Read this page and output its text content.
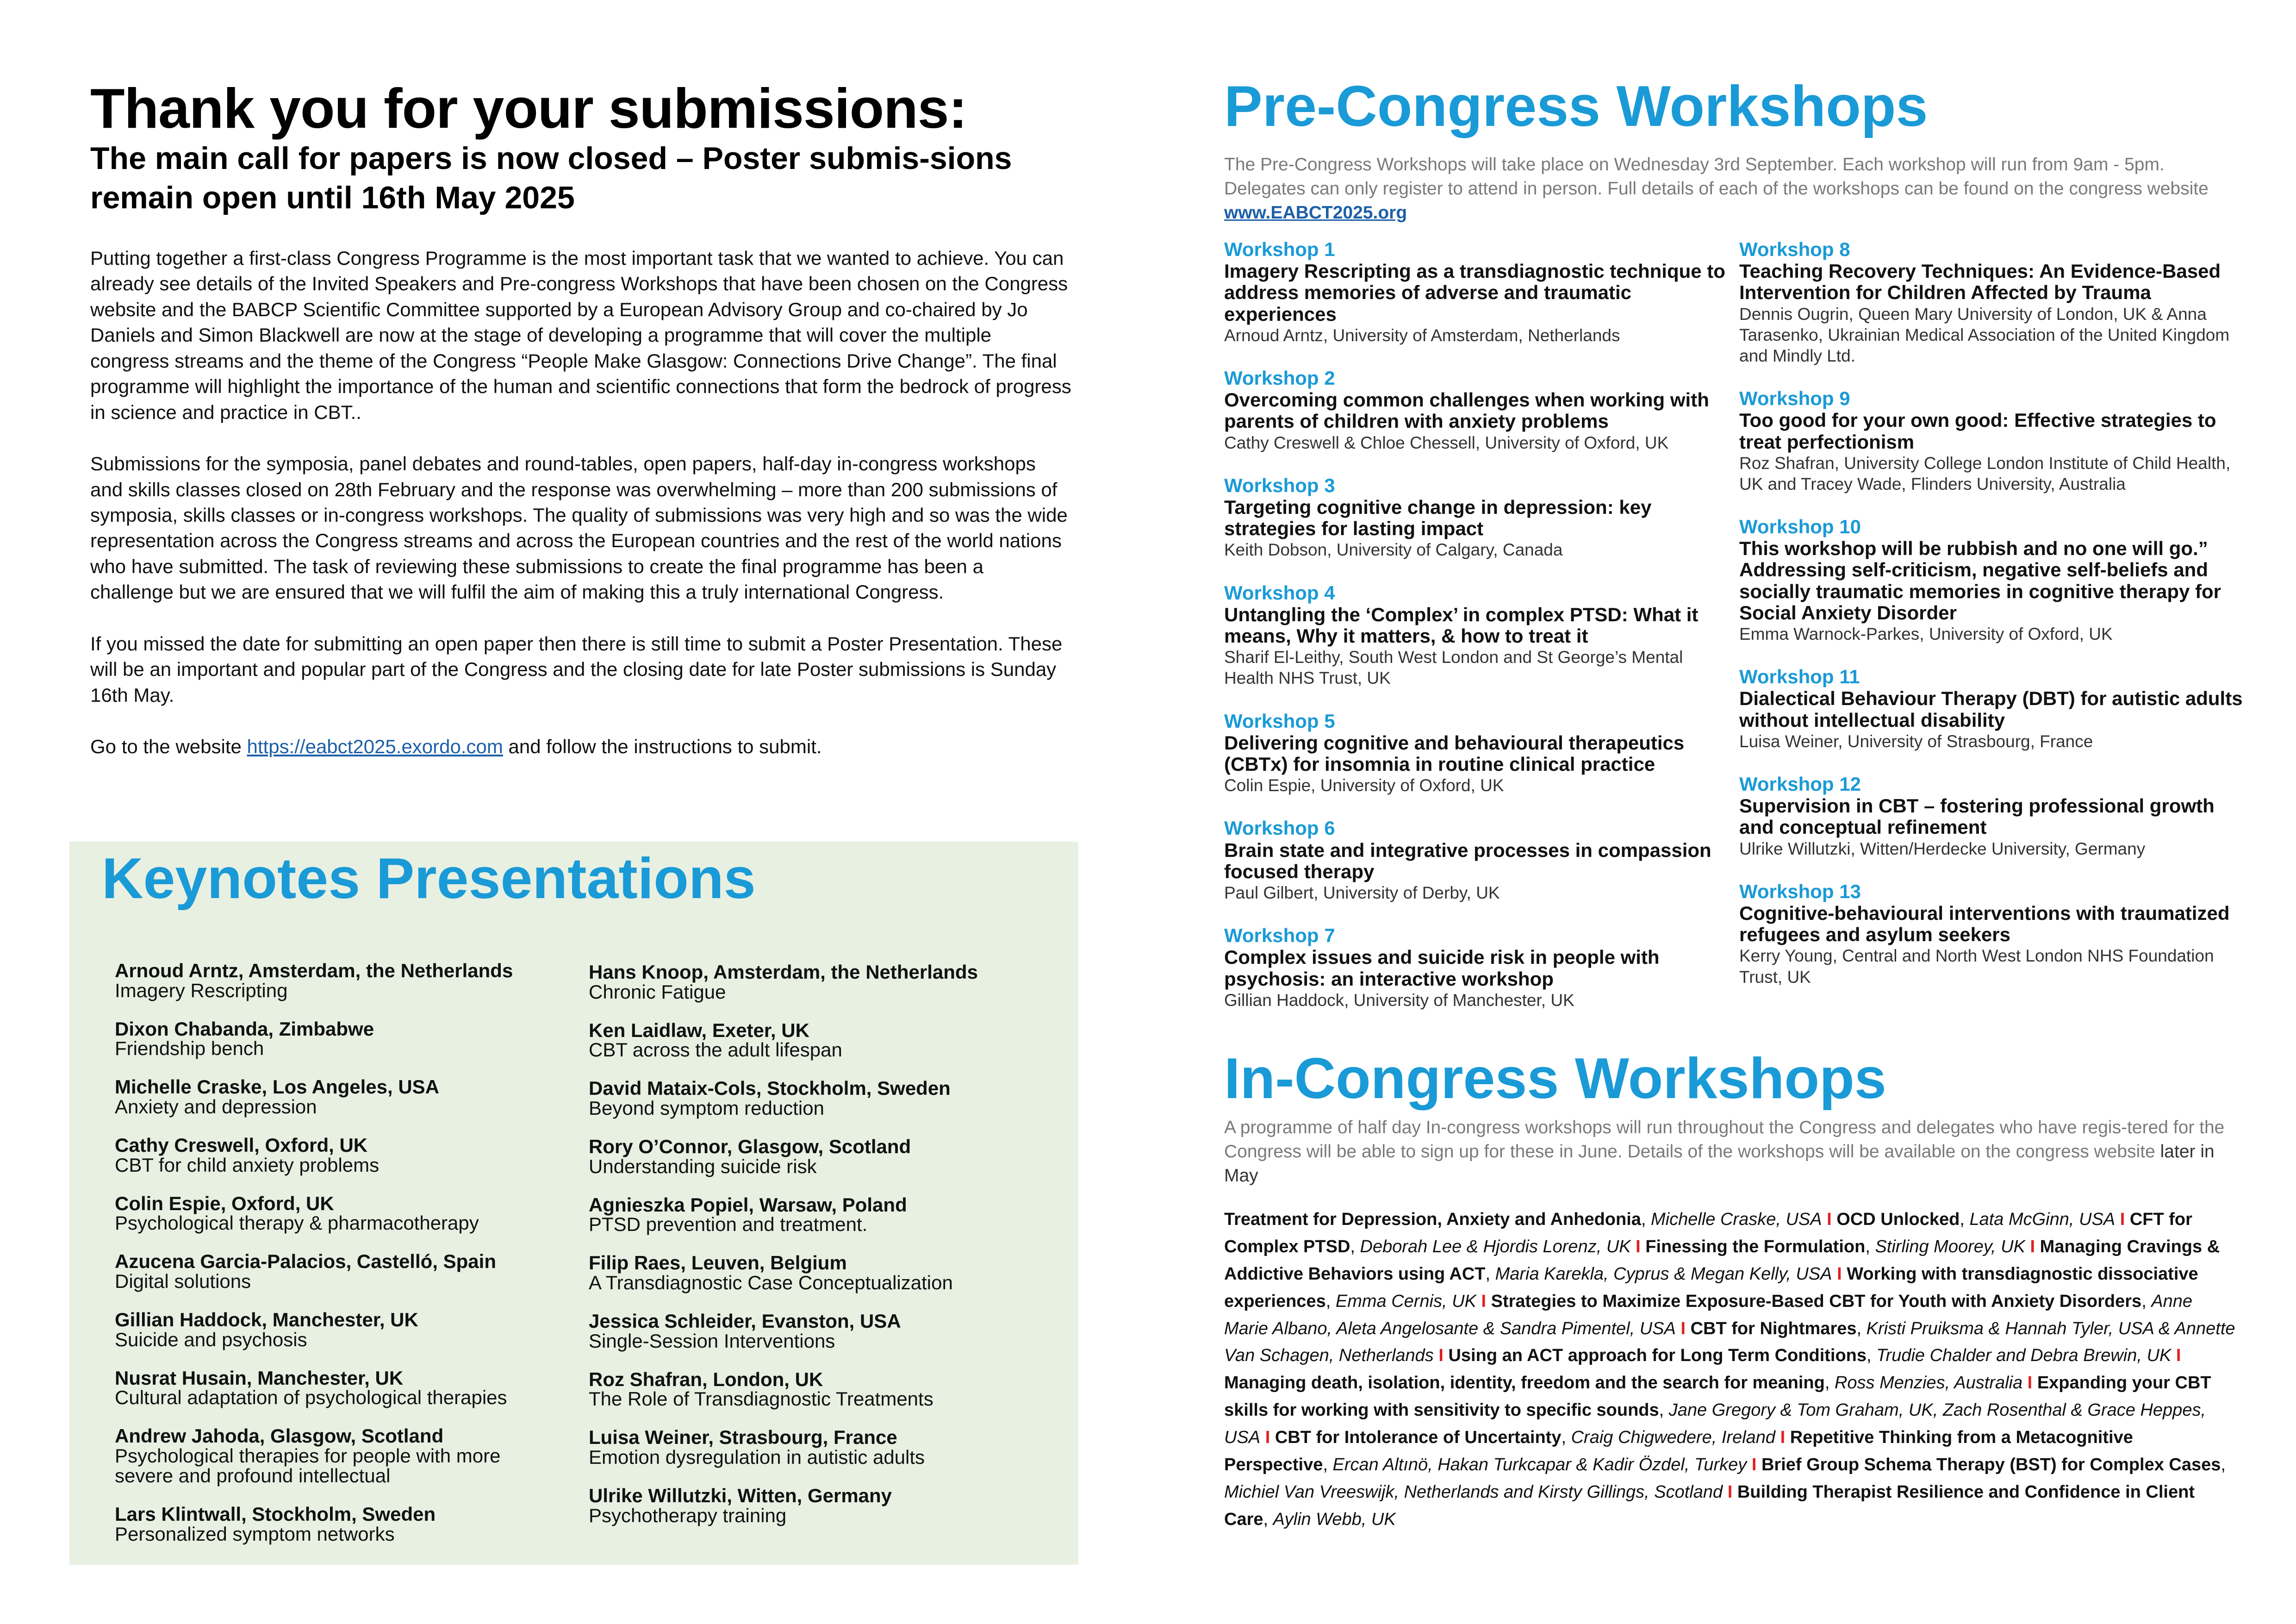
Thank you for your submissions:
The main call for papers is now closed – Poster submis-sions remain open until 16th May 2025

Putting together a first-class Congress Programme is the most important task that we wanted to achieve. You can already see details of the Invited Speakers and Pre-congress Workshops that have been chosen on the Congress website and the BABCP Scientific Committee supported by a European Advisory Group and co-chaired by Jo Daniels and Simon Blackwell are now at the stage of developing a programme that will cover the multiple congress streams and the theme of the Congress “People Make Glasgow: Connections Drive Change”. The final programme will highlight the importance of the human and scientific connections that form the bedrock of progress in science and practice in CBT..

Submissions for the symposia, panel debates and round-tables, open papers, half-day in-congress workshops and skills classes closed on 28th February and the response was overwhelming – more than 200 submissions of symposia, skills classes or in-congress workshops. The quality of submissions was very high and so was the wide representation across the Congress streams and across the European countries and the rest of the world nations who have submitted. The task of reviewing these submissions to create the final programme has been a challenge but we are ensured that we will fulfil the aim of making this a truly international Congress.

If you missed the date for submitting an open paper then there is still time to submit a Poster Presentation. These will be an important and popular part of the Congress and the closing date for late Poster submissions is Sunday 16th May.

Go to the website https://eabct2025.exordo.com and follow the instructions to submit.

Keynotes Presentations
Arnoud Arntz, Amsterdam, the Netherlands
Imagery Rescripting
Dixon Chabanda, Zimbabwe
Friendship bench
Michelle Craske, Los Angeles, USA
Anxiety and depression
Cathy Creswell, Oxford, UK
CBT for child anxiety problems
Colin Espie, Oxford, UK
Psychological therapy & pharmacotherapy
Azucena Garcia-Palacios, Castelló, Spain
Digital solutions
Gillian Haddock, Manchester, UK
Suicide and psychosis
Nusrat Husain, Manchester, UK
Cultural adaptation of psychological therapies
Andrew Jahoda, Glasgow, Scotland
Psychological therapies for people with more severe and profound intellectual
Lars Klintwall, Stockholm, Sweden
Personalized symptom networks
Hans Knoop, Amsterdam, the Netherlands
Chronic Fatigue
Ken Laidlaw, Exeter, UK
CBT across the adult lifespan
David Mataix-Cols, Stockholm, Sweden
Beyond symptom reduction
Rory O’Connor, Glasgow, Scotland
Understanding suicide risk
Agnieszka Popiel, Warsaw, Poland
PTSD prevention and treatment.
Filip Raes, Leuven, Belgium
A Transdiagnostic Case Conceptualization
Jessica Schleider, Evanston, USA
Single-Session Interventions
Roz Shafran, London, UK
The Role of Transdiagnostic Treatments
Luisa Weiner, Strasbourg, France
Emotion dysregulation in autistic adults
Ulrike Willutzki, Witten, Germany
Psychotherapy training
Pre-Congress Workshops
The Pre-Congress Workshops will take place on Wednesday 3rd September. Each workshop will run from 9am - 5pm. Delegates can only register to attend in person. Full details of each of the workshops can be found on the congress website www.EABCT2025.org
Workshop 1
Imagery Rescripting as a transdiagnostic technique to address memories of adverse and traumatic experiences
Arnoud Arntz, University of Amsterdam, Netherlands
Workshop 2
Overcoming common challenges when working with parents of children with anxiety problems
Cathy Creswell & Chloe Chessell, University of Oxford, UK
Workshop 3
Targeting cognitive change in depression: key strategies for lasting impact
Keith Dobson, University of Calgary, Canada
Workshop 4
Untangling the ‘Complex’ in complex PTSD: What it means, Why it matters, & how to treat it
Sharif El-Leithy, South West London and St George’s Mental Health NHS Trust, UK
Workshop 5
Delivering cognitive and behavioural therapeutics (CBTx) for insomnia in routine clinical practice
Colin Espie, University of Oxford, UK
Workshop 6
Brain state and integrative processes in compassion focused therapy
Paul Gilbert, University of Derby, UK
Workshop 7
Complex issues and suicide risk in people with psychosis: an interactive workshop
Gillian Haddock, University of Manchester, UK
Workshop 8
Teaching Recovery Techniques: An Evidence-Based Intervention for Children Affected by Trauma
Dennis Ougrin, Queen Mary University of London, UK & Anna Tarasenko, Ukrainian Medical Association of the United Kingdom and Mindly Ltd.
Workshop 9
Too good for your own good: Effective strategies to treat perfectionism
Roz Shafran, University College London Institute of Child Health, UK and Tracey Wade, Flinders University, Australia
Workshop 10
This workshop will be rubbish and no one will go.” Addressing self-criticism, negative self-beliefs and socially traumatic memories in cognitive therapy for Social Anxiety Disorder
Emma Warnock-Parkes, University of Oxford, UK
Workshop 11
Dialectical Behaviour Therapy (DBT) for autistic adults without intellectual disability
Luisa Weiner, University of Strasbourg, France
Workshop 12
Supervision in CBT – fostering professional growth and conceptual refinement
Ulrike Willutzki, Witten/Herdecke University, Germany
Workshop 13
Cognitive-behavioural interventions with traumatized refugees and asylum seekers
Kerry Young, Central and North West London NHS Foundation Trust, UK
In-Congress Workshops
A programme of half day In-congress workshops will run throughout the Congress and delegates who have regis-tered for the Congress will be able to sign up for these in June. Details of the workshops will be available on the congress website later in May
Treatment for Depression, Anxiety and Anhedonia, Michelle Craske, USA I OCD Unlocked, Lata McGinn, USA I CFT for Complex PTSD, Deborah Lee & Hjordis Lorenz, UK I Finessing the Formulation, Stirling Moorey, UK I Managing Cravings & Addictive Behaviors using ACT, Maria Karekla, Cyprus & Megan Kelly, USA I Working with transdiagnostic dissociative experiences, Emma Cernis, UK I Strategies to Maximize Exposure-Based CBT for Youth with Anxiety Disorders, Anne Marie Albano, Aleta Angelosante & Sandra Pimentel, USA I CBT for Nightmares, Kristi Pruiksma & Hannah Tyler, USA & Annette Van Schagen, Netherlands I Using an ACT approach for Long Term Conditions, Trudie Chalder and Debra Brewin, UK I Managing death, isolation, identity, freedom and the search for meaning, Ross Menzies, Australia I Expanding your CBT skills for working with sensitivity to specific sounds, Jane Gregory & Tom Graham, UK, Zach Rosenthal & Grace Heppes, USA I CBT for Intolerance of Uncertainty, Craig Chigwedere, Ireland I Repetitive Thinking from a Metacognitive Perspective, Ercan Altınö, Hakan Turkcapar & Kadir Özdel, Turkey I Brief Group Schema Therapy (BST) for Complex Cases, Michiel Van Vreeswijk, Netherlands and Kirsty Gillings, Scotland I Building Therapist Resilience and Confidence in Client Care, Aylin Webb, UK
